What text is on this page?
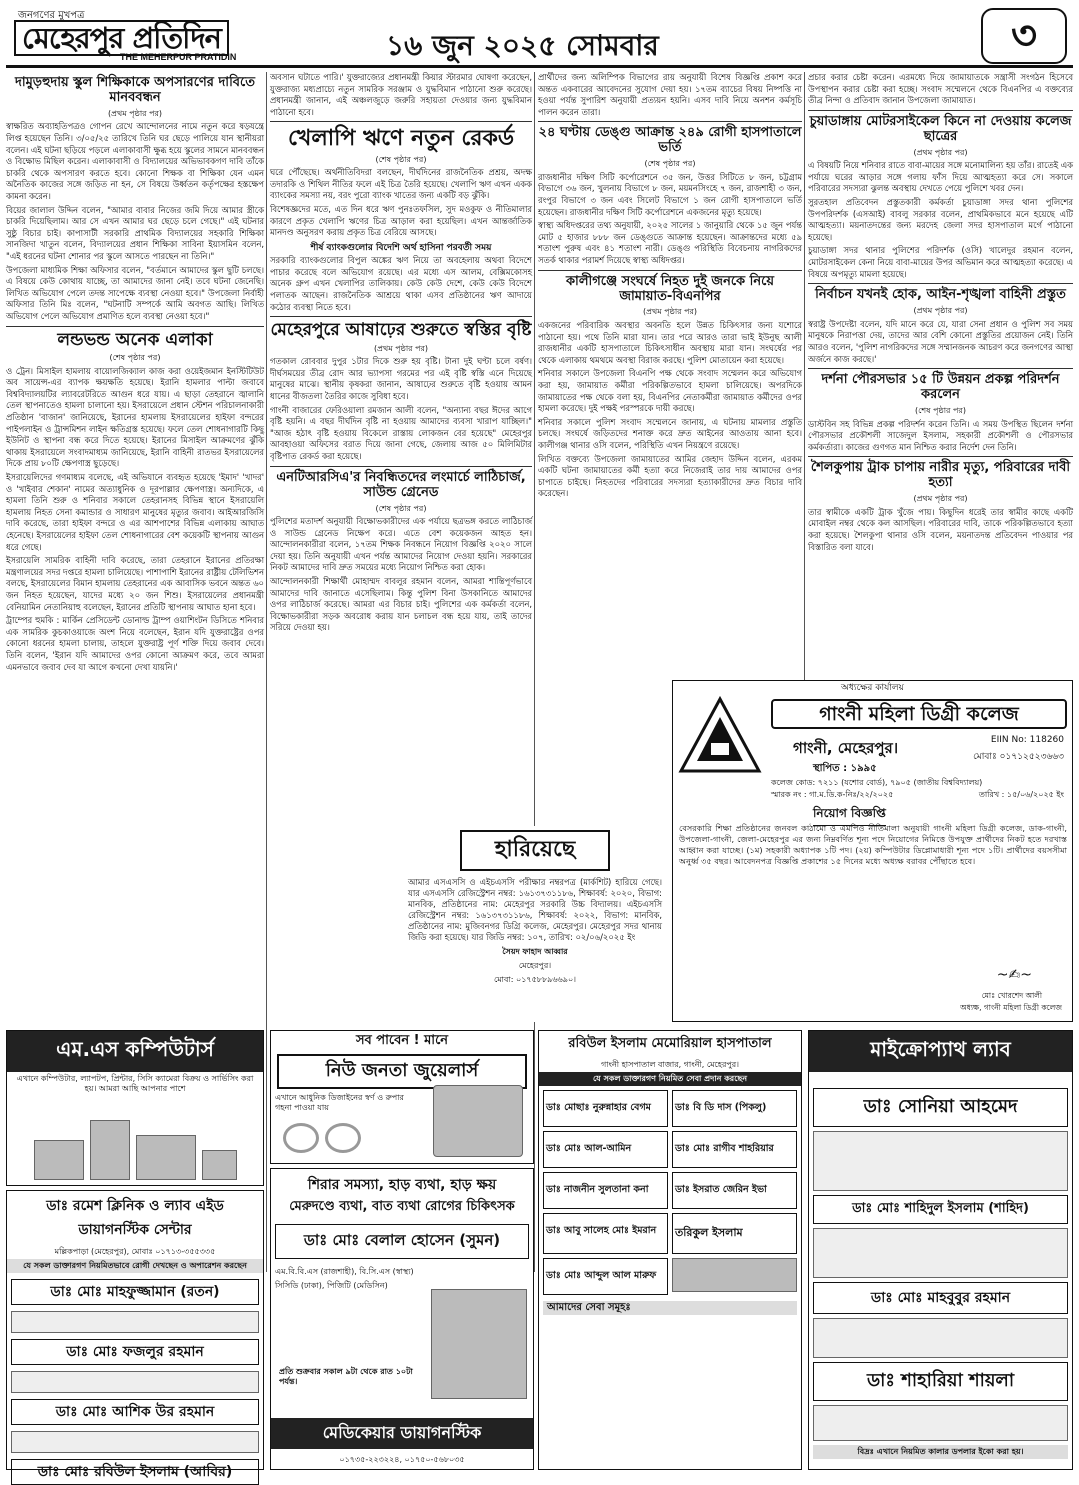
জনগণের মুখপত্র
মেহেরপুর প্রতিদিন
THE MEHERPUR PRATIDIN	১৬ জুন ২০২৫ সোমবার	৩
দামুড়হুদায় স্কুল শিক্ষিকাকে অপসারণের দাবিতে মানববন্ধন
(প্রথম পৃষ্ঠার পর)

স্বাক্ষরিত অব্যাহতিপত্রও গোপন রেখে আন্দোলনের নামে নতুন করে ষড়যন্ত্রে লিপ্ত হয়েছেন তিনি। ৩/০৫/২৫ তারিখে তিনি ঘর ছেড়ে পালিয়ে যান স্থানীয়রা বলেন। এই ঘটনা ছড়িয়ে পড়লে এলাকাবাসী ক্ষুব্ধ হয়ে স্কুলের সামনে মানববন্ধন ও বিক্ষোভ মিছিল করেন। এলাকাবাসী ও বিদ্যালয়ের অভিভাবকগণ দাবি তাঁকে চাকরি থেকে অপসারণ করতে হবে। কোনো শিক্ষক বা শিক্ষিকা যেন এমন অনৈতিক কাজের সঙ্গে জড়িত না হন, সে বিষয়ে উর্ধ্বতন কর্তৃপক্ষের হস্তক্ষেপ কামনা করেন।

বিয়ের জালাল উদ্দিন বলেন, "আমার বাবার নিজের জমি দিয়ে আমার স্ত্রীকে চাকরি দিয়েছিলাম। আর সে এখন আমার ঘর ছেড়ে চলে গেছে।" এই ঘটনার সুষ্ঠু বিচার চাই। কাপাসাটী সরকারি প্রাথমিক বিদ্যালয়ের সহকারি শিক্ষিকা সানজিদা খাতুন বলেন, বিদ্যালয়ের প্রধান শিক্ষিকা সাবিনা ইয়াসমিন বলেন, "এই ধরনের ঘটনা শোনার পর স্কুলে আসতে পারছেন না তিনি।"

উপজেলা মাধ্যমিক শিক্ষা অফিসার বলেন, "বর্তমানে আমাদের স্কুল ছুটি চলছে। এ বিষয়ে কেউ কোথায় যাচ্ছে, তা আমাদের জানা নেই। তবে ঘটনা জেনেছি। লিখিত অভিযোগ পেলে তদন্ত সাপেক্ষে ব্যবস্থা নেওয়া হবে।" উপজেলা নির্বাহী অফিসার তিনি মিঃ বলেন, "ঘটনাটি সম্পর্কে আমি অবগত আছি। লিখিত অভিযোগ পেলে অভিযোগ প্রমাণিত হলে ব্যবস্থা নেওয়া হবে।"

লন্ডভন্ড অনেক এলাকা
(শেষ পৃষ্ঠার পর)

ও ট্রেন। মিসাইল হামলায় বায়োলজিক্যাল কাজ করা ওয়েইজমান ইনস্টিটিউট অব সায়েন্স-এর ব্যাপক ক্ষয়ক্ষতি হয়েছে। ইরানি হামলার পাল্টা জবাবে বিশ্ববিদ্যালয়টির ল্যাবরেটরিতে আগুন ধরে যায়। এ ছাড়া তেহরানে জ্বালানি তেল স্থাপনাতেও হামলা চালানো হয়। ইসরায়েলে প্রধান স্টেশন পরিচালনাকারী প্রতিষ্ঠান 'বাজান' জানিয়েছে, ইরানের হামলায় ইসরায়েলের হাইফা বন্দরের পাইপলাইন ও ট্রান্সমিশন লাইন ক্ষতিগ্রস্ত হয়েছে। ফলে তেল শোধনাগারটি কিছু ইউনিট ও স্থাপনা বন্ধ করে দিতে হয়েছে। ইরানের মিসাইল আক্রমণের ঝুঁকি থাকায় ইসরায়েলে সংবাদমাধ্যম জানিয়েছে, ইরানি বাহিনী রাতভর ইসরায়েলের দিকে প্রায় ৮০টি ক্ষেপণাস্ত্র ছুড়েছে।

ইসরায়েলিদের গণমাধ্যম বলেছে, এই অভিযানে ব্যবহৃত হয়েছে 'ইমাদ' 'খাদর' ও 'খাইবার শেকান' নামের অত্যাধুনিক ও দূরপাল্লার ক্ষেপণাস্ত্র। অন্যদিকে, এ হামলা তিনি শুরু ও শনিবার সকালে তেহরানসহ বিভিন্ন স্থানে ইসরায়েলি হামলায় নিহত সেনা কমান্ডার ও সাধারণ মানুষের মৃত্যুর জবাব। আইআরজিসি দাবি করেছে, তারা হাইফা বন্দরে ও এর আশপাশের বিভিন্ন এলাকায় আঘাত হেনেছে। ইসরায়েলের হাইফা তেল শোধনাগারের বেশ কয়েকটি স্থাপনায় আগুন ধরে গেছে।

ইসরায়েলি সামরিক বাহিনী দাবি করেছে, তারা তেহরানে ইরানের প্রতিরক্ষা মন্ত্রণালয়ের সদর দপ্তরে হামলা চালিয়েছে। পাশাপাশি ইরানের রাষ্ট্রীয় টেলিভিশন বলছে, ইসরায়েলের বিমান হামলায় তেহরানের এক আবাসিক ভবনে অন্তত ৬০ জন নিহত হয়েছেন, যাদের মধ্যে ২০ জন শিশু। ইসরায়েলের প্রধানমন্ত্রী বেনিয়ামিন নেতানিয়াহু বলেছেন, ইরানের প্রতিটি স্থাপনায় আঘাত হানা হবে।

ট্রাম্পের হুমকি : মার্কিন প্রেসিডেন্ট ডোনাল্ড ট্রাম্প ওয়াশিংটন ডিসিতে শনিবার এক সামরিক কুচকাওয়াজে অংশ নিয়ে বলেছেন, ইরান যদি যুক্তরাষ্ট্রের ওপর কোনো ধরনের হামলা চালায়, তাহলে যুক্তরাষ্ট্র পূর্ণ শক্তি দিয়ে জবাব দেবে। তিনি বলেন, 'ইরান যদি আমাদের ওপর কোনো আক্রমণ করে, তবে আমরা এমনভাবে জবাব দেব যা আগে কখনো দেখা যায়নি।'

অবসান ঘটাতে পারি।' যুক্তরাজ্যের প্রধানমন্ত্রী কিয়ার স্টারমার ঘোষণা করেছেন, যুক্তরাজ্য মধ্যপ্রাচ্যে নতুন সামরিক সরঞ্জাম ও যুদ্ধবিমান পাঠানো শুরু করেছে। প্রধানমন্ত্রী জানান, এই অঞ্চলজুড়ে জরুরি সহায়তা দেওয়ার জন্য যুদ্ধবিমান পাঠানো হবে।

খেলাপি ঋণে নতুন রেকর্ড
(শেষ পৃষ্ঠার পর)

ঘরে পৌঁছেছে। অর্থনীতিবিদরা বলছেন, দীর্ঘদিনের রাজনৈতিক প্রশ্রয়, অদক্ষ তদারকি ও শিথিল নীতির ফলে এই চিত্র তৈরি হয়েছে। খেলাপি ঋণ এখন একক ব্যাংকের সমস্যা নয়, বরং পুরো ব্যাংক খাতের জন্য একটি বড় ঝুঁকি।

বিশেষজ্ঞদের মতে, এত দিন ধরে ঋণ পুনঃতফসিল, সুদ মওকুফ ও নীতিমালার কারণে প্রকৃত খেলাপি ঋণের চিত্র আড়াল করা হয়েছিল। এখন আন্তর্জাতিক মানদণ্ড অনুসরণ করায় প্রকৃত চিত্র বেরিয়ে আসছে।

শীর্ষ ব্যাংকগুলোর বিদেশি অর্থ হাসিনা পরবর্তী সময়

সরকারি ব্যাংকগুলোর বিপুল অঙ্কের ঋণ নিয়ে তা অবহেলায় অথবা বিদেশে পাচার করেছে বলে অভিযোগ রয়েছে। এর মধ্যে এস আলম, বেক্সিমকোসহ অনেক গ্রুপ এখন খেলাপির তালিকায়। কেউ কেউ দেশে, কেউ কেউ বিদেশে পলাতক আছেন। রাজনৈতিক আশ্রয়ে থাকা এসব প্রতিষ্ঠানের ঋণ আদায়ে কঠোর ব্যবস্থা নিতে হবে।

মেহেরপুরে আষাঢ়ের শুরুতে স্বস্তির বৃষ্টি
(প্রথম পৃষ্ঠার পর)

গতকাল রোববার দুপুর ১টার দিকে শুরু হয় বৃষ্টি। টানা দুই ঘণ্টা চলে বর্ষণ। দীর্ঘসময়ের তীব্র রোদ আর ভ্যাপসা গরমের পর এই বৃষ্টি স্বস্তি এনে দিয়েছে মানুষের মাঝে। স্থানীয় কৃষকরা জানান, আষাঢ়ের শুরুতে বৃষ্টি হওয়ায় আমন ধানের বীজতলা তৈরির কাজে সুবিধা হবে।

গাংনী বাজারের ফেরিওয়ালা রমজান আলী বলেন, "অন্যান্য বছর ঈদের আগে বৃষ্টি হয়নি। এ বছর দীর্ঘদিন বৃষ্টি না হওয়ায় আমাদের ব্যবসা খারাপ যাচ্ছিল।" "আজ হঠাৎ বৃষ্টি হওয়ায় বিকেলে রাস্তায় লোকজন বের হয়েছে" মেহেরপুর আবহাওয়া অফিসের বরাত দিয়ে জানা গেছে, জেলায় আজ ৫০ মিলিমিটার বৃষ্টিপাত রেকর্ড করা হয়েছে।

এনটিআরসিএ'র নিবন্ধিতদের লংমার্চে লাঠিচার্জ, সাউন্ড গ্রেনেড
(শেষ পৃষ্ঠার পর)

পুলিশের মতাদর্শ অনুযায়ী বিক্ষোভকারীদের এক পর্যায়ে ছত্রভঙ্গ করতে লাঠিচার্জ ও সাউন্ড গ্রেনেড নিক্ষেপ করে। এতে বেশ কয়েকজন আহত হন। আন্দোলনকারীরা বলেন, ১৭তম শিক্ষক নিবন্ধনে নিয়োগ বিজ্ঞপ্তি ২০২০ সালে দেয়া হয়। তিনি অনুযায়ী এখন পর্যন্ত আমাদের নিয়োগ দেওয়া হয়নি। সরকারের নিকট আমাদের দাবি দ্রুত সময়ের মধ্যে নিয়োগ নিশ্চিত করা হোক।

আন্দোলনকারী শিক্ষার্থী মোহাম্মদ বাবলুর রহমান বলেন, আমরা শান্তিপূর্ণভাবে আমাদের দাবি জানাতে এসেছিলাম। কিন্তু পুলিশ বিনা উসকানিতে আমাদের ওপর লাঠিচার্জ করেছে। আমরা এর বিচার চাই। পুলিশের এক কর্মকর্তা বলেন, বিক্ষোভকারীরা সড়ক অবরোধ করায় যান চলাচল বন্ধ হয়ে যায়, তাই তাদের সরিয়ে দেওয়া হয়।

প্রার্থীদের জন্য অলিম্পিক বিভাগের রায় অনুযায়ী বিশেষ বিজ্ঞপ্তি প্রকাশ করে অন্তত একবারের আবেদনের সুযোগ দেয়া হয়। ১৭তম ব্যাচের বিষয় নিষ্পত্তি না হওয়া পর্যন্ত সুপারিশ অনুযায়ী প্রত্যয়ন হয়নি। এসব দাবি নিয়ে অনশন কর্মসূচি পালন করেন তারা।

২৪ ঘণ্টায় ডেঙ্গু আক্রান্ত ২৪৯ রোগী হাসপাতালে ভর্তি
(শেষ পৃষ্ঠার পর)

রাজধানীর দক্ষিণ সিটি কর্পোরেশনে ৩৫ জন, উত্তর সিটিতে ৮ জন, চট্টগ্রাম বিভাগে ৩৬ জন, খুলনায় বিভাগে ৮ জন, ময়মনসিংহে ৭ জন, রাজশাহী ৩ জন, রংপুর বিভাগে ৩ জন এবং সিলেট বিভাগে ১ জন রোগী হাসপাতালে ভর্তি হয়েছেন। রাজধানীর দক্ষিণ সিটি কর্পোরেশনে একজনের মৃত্যু হয়েছে।

স্বাস্থ্য অধিদপ্তরের তথ্য অনুযায়ী, ২০২৫ সালের ১ জানুয়ারি থেকে ১৫ জুন পর্যন্ত মোট ৫ হাজার ৮৮৮ জন ডেঙ্গুতে আক্রান্ত হয়েছেন। আক্রান্তদের মধ্যে ৫৯ শতাংশ পুরুষ এবং ৪১ শতাংশ নারী। ডেঙ্গু পরিস্থিতি বিবেচনায় নাগরিকদের সতর্ক থাকার পরামর্শ দিয়েছে স্বাস্থ্য অধিদপ্তর।

কালীগঞ্জে সংঘর্ষে নিহত দুই জনকে নিয়ে জামায়াত-বিএনপির
(প্রথম পৃষ্ঠার পর)

একজনের পরিবারিক অবস্থার অবনতি হলে উন্নত চিকিৎসার জন্য যশোরে পাঠানো হয়। পথে তিনি মারা যান। তার পরে আরও তারা ভাই ইউনুছ আলী রাজধানীর একটি হাসপাতালে চিকিৎসাধীন অবস্থায় মারা যান। সংঘর্ষের পর থেকে এলাকায় থমথমে অবস্থা বিরাজ করছে। পুলিশ মোতায়েন করা হয়েছে।

শনিবার সকালে উপজেলা বিএনপি পক্ষ থেকে সংবাদ সম্মেলন করে অভিযোগ করা হয়, জামায়াত কর্মীরা পরিকল্পিতভাবে হামলা চালিয়েছে। অপরদিকে জামায়াতের পক্ষ থেকে বলা হয়, বিএনপির নেতাকর্মীরা জামায়াত কর্মীদের ওপর হামলা করেছে। দুই পক্ষই পরস্পরকে দায়ী করছে।

শনিবার সকালে পুলিশ সংবাদ সম্মেলনে জানায়, এ ঘটনায় মামলার প্রস্তুতি চলছে। সংঘর্ষে জড়িতদের শনাক্ত করে দ্রুত আইনের আওতায় আনা হবে। কালীগঞ্জ থানার ওসি বলেন, পরিস্থিতি এখন নিয়ন্ত্রণে রয়েছে।

লিখিত বক্তব্যে উপজেলা জামায়াতের আমির জেহাদ উদ্দিন বলেন, এরকম একটি ঘটনা জামায়াতের কর্মী হত্যা করে নিজেরাই তার দায় আমাদের ওপর চাপাতে চাইছে। নিহতদের পরিবারের সদস্যরা হত্যাকারীদের দ্রুত বিচার দাবি করেছেন।

হারিয়েছে
আমার এসএসসি ও এইচএসসি পরীক্ষার নম্বরপত্র (মার্কশিট) হারিয়ে গেছে। যার এসএসসি রেজিস্ট্রেশন নম্বর: ১৬১৩৭৩১১৮৬, শিক্ষাবর্ষ: ২০২০, বিভাগ: মানবিক, প্রতিষ্ঠানের নাম: মেহেরপুর সরকারি উচ্চ বিদ্যালয়। এইচএসসি রেজিস্ট্রেশন নম্বর: ১৬১৩৭৩১১৮৬, শিক্ষাবর্ষ: ২০২২, বিভাগ: মানবিক, প্রতিষ্ঠানের নাম: মুজিবনগর ডিগ্রি কলেজ, মেহেরপুর। মেহেরপুর সদর থানায় জিডি করা হয়েছে। যার জিডি নম্বর: ১০৭, তারিখ: ০২/০৬/২০২৫ ইং
সৈয়দ ফাহাদ আব্বার
মেহেরপুর।
মোবা: ০১৭৫৮৮৯৬৬৯০।

প্রচার করার চেষ্টা করেন। এরমধ্যে দিয়ে জামায়াতকে সন্ত্রাসী সংগঠন হিসেবে উপস্থাপন করার চেষ্টা করা হচ্ছে। সংবাদ সম্মেলনে থেকে বিএনপির এ বক্তব্যের তীব্র নিন্দা ও প্রতিবাদ জানান উপজেলা জামায়াত।

চুয়াডাঙ্গায় মোটরসাইকেল কিনে না দেওয়ায় কলেজ ছাত্রের
(প্রথম পৃষ্ঠার পর)

এ বিষয়টি নিয়ে শনিবার রাতে বাবা-মায়ের সঙ্গে মনোমালিন্য হয় তাঁর। রাতেই এক পর্যায়ে ঘরের আড়ার সঙ্গে গলায় ফাঁস দিয়ে আত্মহত্যা করে সে। সকালে পরিবারের সদস্যরা ঝুলন্ত অবস্থায় দেখতে পেয়ে পুলিশে খবর দেন।

সুরতহাল প্রতিবেদন প্রস্তুতকারী কর্মকর্তা চুয়াডাঙ্গা সদর থানা পুলিশের উপপরিদর্শক (এসআই) বাবলু সরকার বলেন, প্রাথমিকভাবে মনে হয়েছে এটি আত্মহত্যা। ময়নাতদন্তের জন্য মরদেহ জেলা সদর হাসপাতাল মর্গে পাঠানো হয়েছে।

চুয়াডাঙ্গা সদর থানার পুলিশের পরিদর্শক (ওসি) খালেদুর রহমান বলেন, মোটরসাইকেল কেনা নিয়ে বাবা-মায়ের উপর অভিমান করে আত্মহত্যা করেছে। এ বিষয়ে অপমৃত্যু মামলা হয়েছে।

নির্বাচন যখনই হোক, আইন-শৃঙ্খলা বাহিনী প্রস্তুত
(প্রথম পৃষ্ঠার পর)

স্বরাষ্ট্র উপদেষ্টা বলেন, যদি মানে করে যে, যারা সেনা প্রধান ও পুলিশ সব সময় মানুষকে নিরাপত্তা দেয়, তাদের আর বেশি কোনো প্রস্তুতির প্রয়োজন নেই। তিনি আরও বলেন, 'পুলিশ নাগরিকদের সঙ্গে সম্মানজনক আচরণ করে জনগণের আস্থা অর্জনে কাজ করছে।'

দর্শনা পৌরসভার ১৫ টি উন্নয়ন প্রকল্প পরিদর্শন করলেন
(শেষ পৃষ্ঠার পর)

ডাস্টবিন সহ বিভিন্ন প্রকল্প পরিদর্শন করেন তিনি। এ সময় উপস্থিত ছিলেন দর্শনা পৌরসভার প্রকৌশলী সাজেদুল ইসলাম, সহকারী প্রকৌশলী ও পৌরসভার কর্মকর্তারা। কাজের গুণগত মান নিশ্চিত করার নির্দেশ দেন তিনি।

শৈলকুপায় ট্রাক চাপায় নারীর মৃত্যু, পরিবারের দাবী হত্যা
(প্রথম পৃষ্ঠার পর)

তার স্বামীকে একটি ট্রাক খুঁজে পায়। কিছুদিন ধরেই তার স্বামীর কাছে একটি মোবাইল নম্বর থেকে কল আসছিল। পরিবারের দাবি, তাকে পরিকল্পিতভাবে হত্যা করা হয়েছে। শৈলকুপা থানার ওসি বলেন, ময়নাতদন্ত প্রতিবেদন পাওয়ার পর বিস্তারিত বলা যাবে।

অধ্যক্ষের কার্যালয়
গাংনী মহিলা ডিগ্রী কলেজ
EIIN No: 118260
গাংনী, মেহেরপুর।	মোবাঃ ০১৭১২৫২৩৬৬৩
স্থাপিত : ১৯৯৫
কলেজ কোড: ৭২১১ (যশোর বোর্ড), ৭৯০৫ (জাতীয় বিশ্ববিদ্যালয়)
স্মারক নং : গা.ম.ডি.ক-নিঃ/২২/২০২৫	তারিখ : ১৫/০৬/২০২৫ ইং
নিয়োগ বিজ্ঞপ্তি
বেসরকারি শিক্ষা প্রতিষ্ঠানের জনবল কাঠামো ও এমপিও নীতিমালা অনুযায়ী গাংনী মহিলা ডিগ্রী কলেজ, ডাক-গাংনী, উপজেলা-গাংনী, জেলা-মেহেরপুর এর জন্য নিম্নবর্ণিত শূন্য পদে নিয়োগের নিমিত্তে উপযুক্ত প্রার্থীদের নিকট হতে দরখাস্ত আহ্বান করা যাচ্ছে। (১ম) সহকারী অধ্যাপক ১টি পদ। (২য়) কম্পিউটার ডিপ্লোমাধারী শূন্য পদে ১টি। প্রার্থীদের বয়সসীমা অনুর্ধ্ব ৩৫ বছর। আবেদনপত্র বিজ্ঞপ্তি প্রকাশের ১৫ দিনের মধ্যে অধ্যক্ষ বরাবর পৌঁছাতে হবে।
~✍~
মোঃ খোরশেদ আলী
অধ্যক্ষ, গাংনী মহিলা ডিগ্রী কলেজ
এম.এস কম্পিউটার্স
এখানে কম্পিউটার, ল্যাপটপ, প্রিন্টার, সিসি ক্যামেরা বিক্রয় ও সার্ভিসিং করা হয়। আমরা আছি আপনার পাশে
ডাঃ রমেশ ক্লিনিক ও ল্যাব এইড ডায়াগনস্টিক সেন্টার
মল্লিকপাড়া (মেহেরপুর), মোবাঃ ০১৭১৩-৩৫৫৩৩৫
যে সকল ডাক্তারগণ নিয়মিতভাবে রোগী দেখছেন ও অপারেশন করছেন
ডাঃ মোঃ মাহফুজ্জামান (রতন)
ডাঃ মোঃ ফজলুর রহমান
ডাঃ মোঃ আশিক উর রহমান
ডাঃ মোঃ রবিউল ইসলাম (আবির)
সব পাবেন ! মানে
নিউ জনতা জুয়েলার্স
এখানে আধুনিক ডিজাইনের স্বর্ণ ও রুপার গহনা পাওয়া যায়
শিরার সমস্যা, হাড় ব্যথা, হাড় ক্ষয়
মেরুদণ্ডে ব্যথা, বাত ব্যথা রোগের চিকিৎসক
ডাঃ মোঃ বেলাল হোসেন (সুমন)
এম.বি.বি.এস (রাজশাহী), বি.সি.এস (স্বাস্থ্য)
সিসিডি (ঢাকা), পিজিটি (মেডিসিন)
প্রতি শুক্রবার সকাল ৯টা থেকে রাত ১০টা পর্যন্ত।
মেডিকেয়ার ডায়াগনস্টিক
০১৭৩৫-২২৩২২৪, ০১৭৫০-৫৬৮০৩৫
রবিউল ইসলাম মেমোরিয়াল হাসপাতাল
গাংনী হাসপাতাল বাজার, গাংনী, মেহেরপুর।
যে সকল ডাক্তারগণ নিয়মিত সেবা প্রদান করছেন
ডাঃ মোছাঃ নুরুন্নাহার বেগম	ডাঃ বি ডি দাস (পিকলু)
ডাঃ মোঃ আল-আমিন	ডাঃ মোঃ রাগীব শাহরিয়ার
ডাঃ নাজনীন সুলতানা কনা	ডাঃ ইসরাত জেরিন ইভা
ডাঃ আবু সালেহ মোঃ ইমরান	তরিকুল ইসলাম
ডাঃ মোঃ আব্দুল আল মারুফ
আমাদের সেবা সমূহঃ
মাইক্রোপ্যাথ ল্যাব
ডাঃ সোনিয়া আহমেদ
ডাঃ মোঃ শাহিদুল ইসলাম (শাহিদ)
ডাঃ মোঃ মাহবুবুর রহমান
ডাঃ শাহারিয়া শায়লা
বিদ্রঃ এখানে নিয়মিত কালার ডপলার ইকো করা হয়।
